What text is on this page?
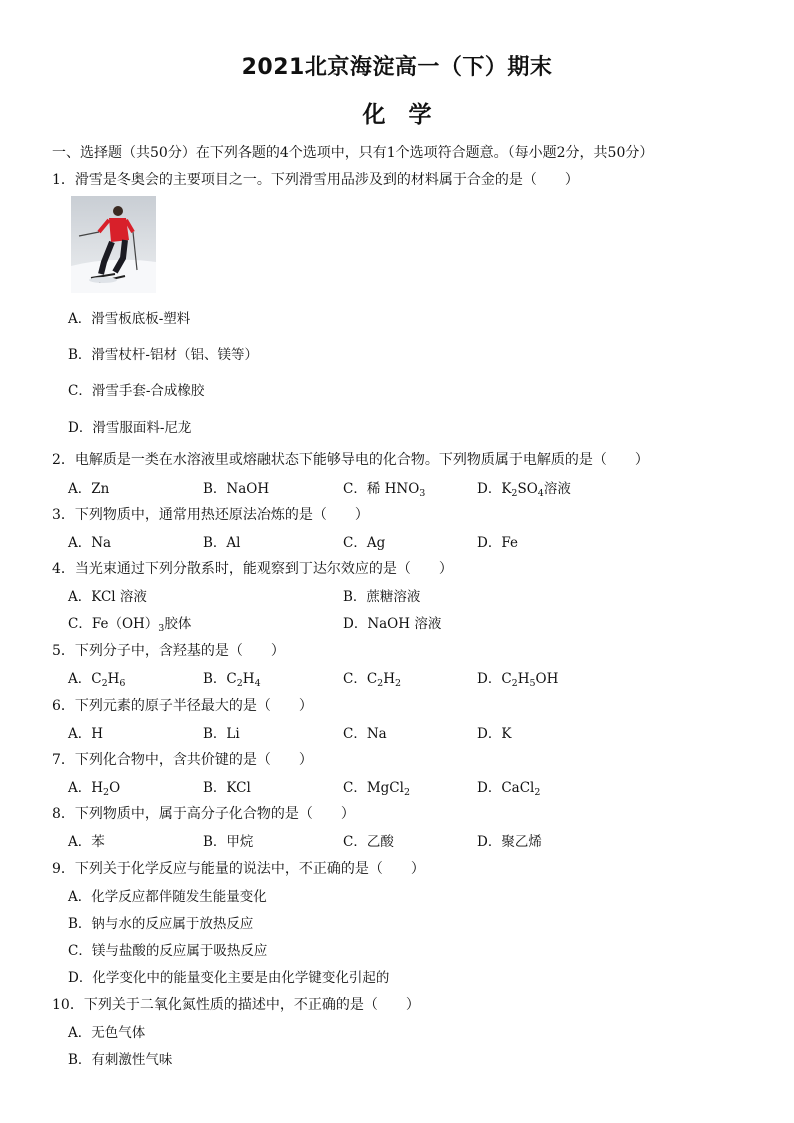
2021北京海淀高一（下）期末
化　学
一、选择题（共50分）在下列各题的4个选项中，只有1个选项符合题意。（每小题2分，共50分）
1．滑雪是冬奥会的主要项目之一。下列滑雪用品涉及到的材料属于合金的是（　　）
A．滑雪板底板-塑料
B．滑雪杖杆-铝材（铝、镁等）
C．滑雪手套-合成橡胶
D．滑雪服面料-尼龙
2．电解质是一类在水溶液里或熔融状态下能够导电的化合物。下列物质属于电解质的是（　　）
A．Zn	B．NaOH	C．稀 $HNO_3$	D．$K_2SO_4$溶液
3．下列物质中，通常用热还原法冶炼的是（　　）
A．Na	B．Al	C．Ag	D．Fe
4．当光束通过下列分散系时，能观察到丁达尔效应的是（　　）
A．KCl 溶液	B．蔗糖溶液
C．$Fe(OH)_3$胶体	D．NaOH 溶液
5．下列分子中，含羟基的是（　　）
A．$C_2H_6$	B．$C_2H_4$	C．$C_2H_2$	D．$C_2H_5OH$
6．下列元素的原子半径最大的是（　　）
A．H	B．Li	C．Na	D．K
7．下列化合物中，含共价键的是（　　）
A．$H_2O$	B．KCl	C．MgCl$_2$	D．CaCl$_2$
8．下列物质中，属于高分子化合物的是（　　）
A．苯	B．甲烷	C．乙酸	D．聚乙烯
9．下列关于化学反应与能量的说法中，不正确的是（　　）
A．化学反应都伴随发生能量变化
B．钠与水的反应属于放热反应
C．镁与盐酸的反应属于吸热反应
D．化学变化中的能量变化主要是由化学键变化引起的
10．下列关于二氧化氮性质的描述中，不正确的是（　　）
A．无色气体
B．有刺激性气味
